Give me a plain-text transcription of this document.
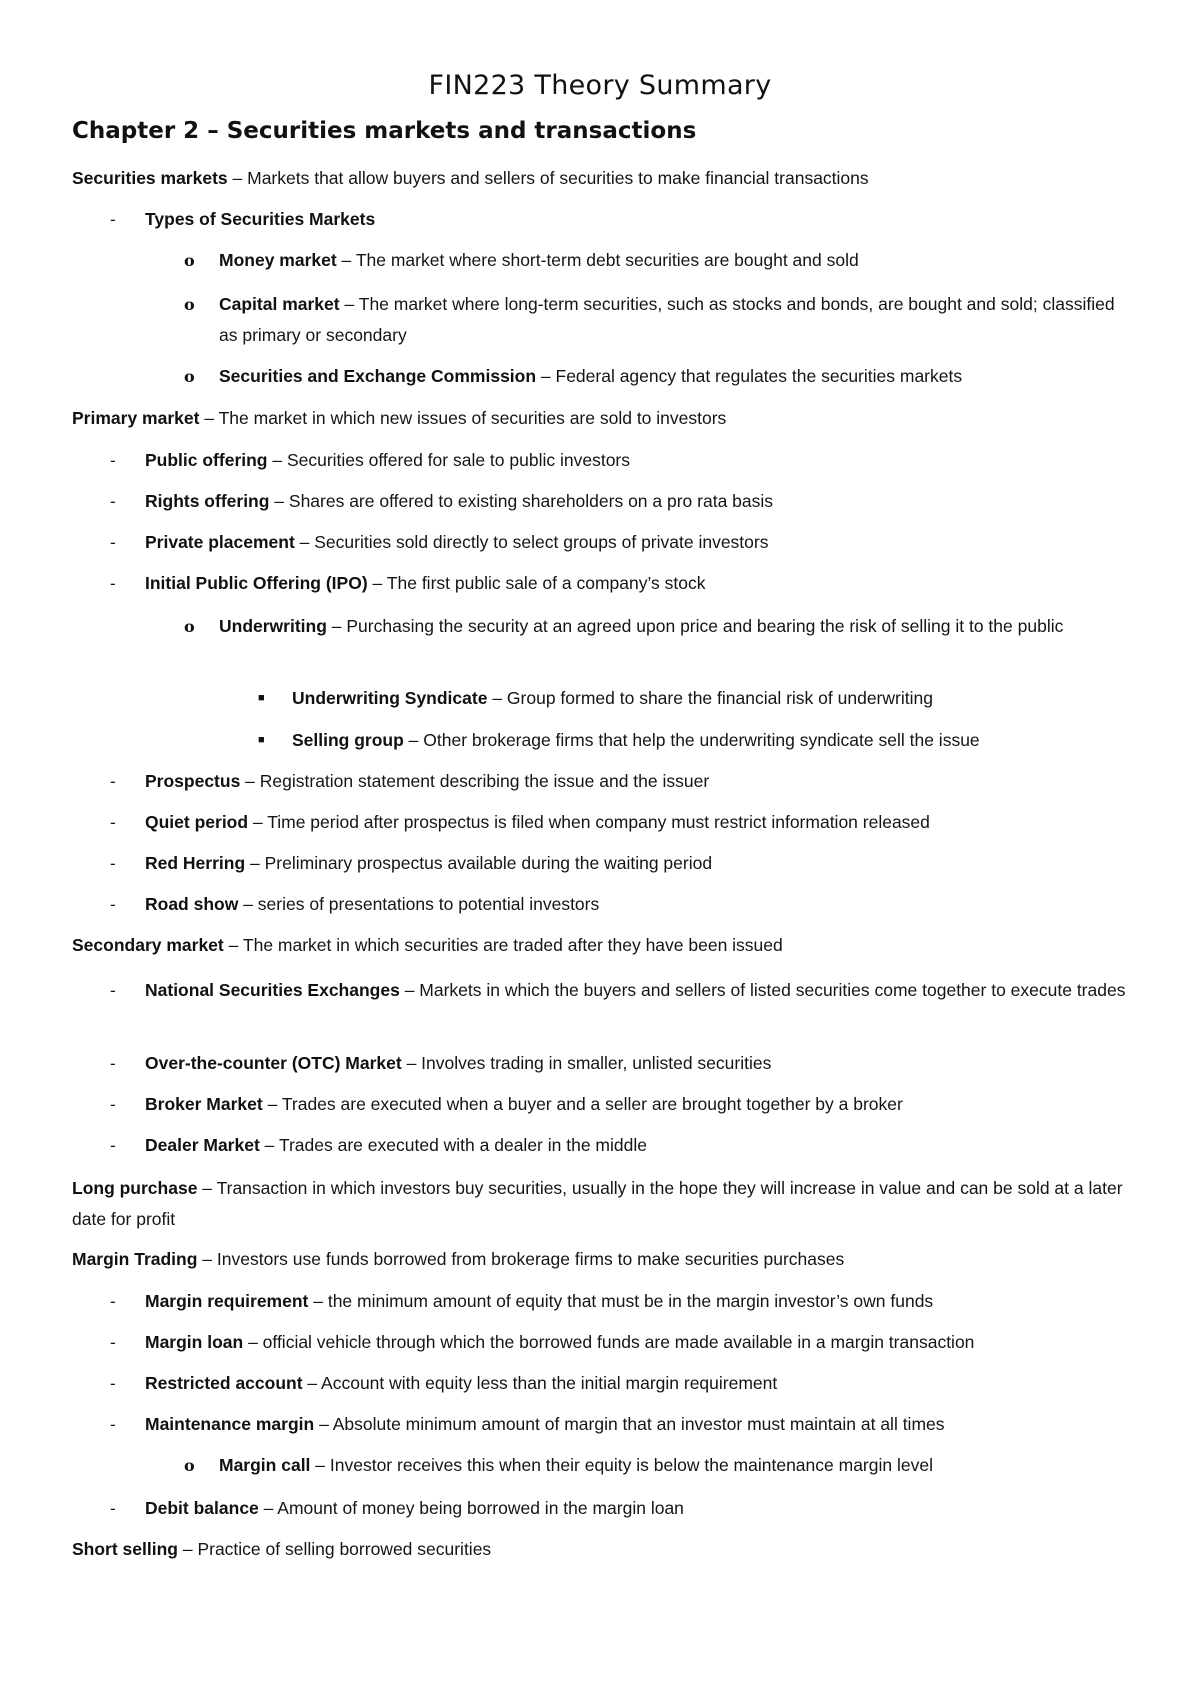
FIN223 Theory Summary
Chapter 2 – Securities markets and transactions
Securities markets – Markets that allow buyers and sellers of securities to make financial transactions
- Types of Securities Markets
o Money market – The market where short-term debt securities are bought and sold
o Capital market – The market where long-term securities, such as stocks and bonds, are bought and sold; classified as primary or secondary
o Securities and Exchange Commission – Federal agency that regulates the securities markets
Primary market – The market in which new issues of securities are sold to investors
- Public offering – Securities offered for sale to public investors
- Rights offering – Shares are offered to existing shareholders on a pro rata basis
- Private placement – Securities sold directly to select groups of private investors
- Initial Public Offering (IPO) – The first public sale of a company’s stock
o Underwriting – Purchasing the security at an agreed upon price and bearing the risk of selling it to the public
■ Underwriting Syndicate – Group formed to share the financial risk of underwriting
■ Selling group – Other brokerage firms that help the underwriting syndicate sell the issue
- Prospectus – Registration statement describing the issue and the issuer
- Quiet period – Time period after prospectus is filed when company must restrict information released
- Red Herring – Preliminary prospectus available during the waiting period
- Road show – series of presentations to potential investors
Secondary market – The market in which securities are traded after they have been issued
- National Securities Exchanges – Markets in which the buyers and sellers of listed securities come together to execute trades
- Over-the-counter (OTC) Market – Involves trading in smaller, unlisted securities
- Broker Market – Trades are executed when a buyer and a seller are brought together by a broker
- Dealer Market – Trades are executed with a dealer in the middle
Long purchase – Transaction in which investors buy securities, usually in the hope they will increase in value and can be sold at a later date for profit
Margin Trading – Investors use funds borrowed from brokerage firms to make securities purchases
- Margin requirement – the minimum amount of equity that must be in the margin investor’s own funds
- Margin loan – official vehicle through which the borrowed funds are made available in a margin transaction
- Restricted account – Account with equity less than the initial margin requirement
- Maintenance margin – Absolute minimum amount of margin that an investor must maintain at all times
o Margin call – Investor receives this when their equity is below the maintenance margin level
- Debit balance – Amount of money being borrowed in the margin loan
Short selling – Practice of selling borrowed securities
